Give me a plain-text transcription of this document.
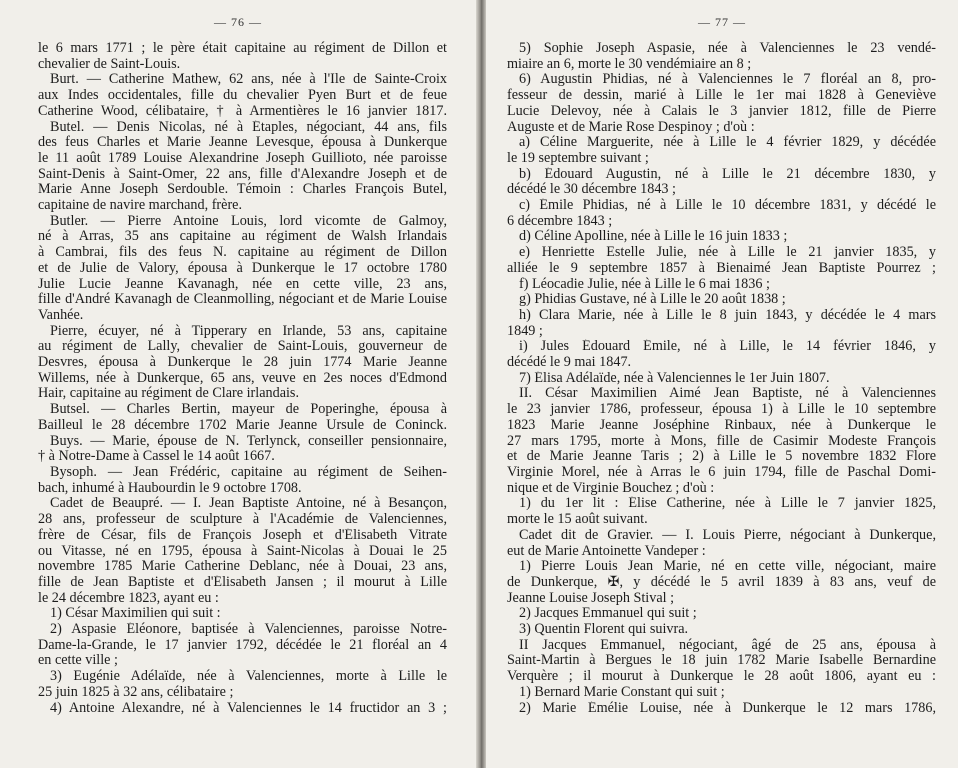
— 76 —
le 6 mars 1771 ; le père était capitaine au régiment de Dillon et
chevalier de Saint-Louis.
Burt. — Catherine Mathew, 62 ans, née à l'Ile de Sainte-Croix
aux Indes occidentales, fille du chevalier Pyen Burt et de feue
Catherine Wood, célibataire, † à Armentières le 16 janvier 1817.
Butel. — Denis Nicolas, né à Étaples, négociant, 44 ans, fils
des feus Charles et Marie Jeanne Levesque, épousa à Dunkerque
le 11 août 1789 Louise Alexandrine Joseph Guillioto, née paroisse
Saint-Denis à Saint-Omer, 22 ans, fille d'Alexandre Joseph et de
Marie Anne Joseph Serdouble. Témoin : Charles François Butel,
capitaine de navire marchand, frère.
Butler. — Pierre Antoine Louis, lord vicomte de Galmoy,
né à Arras, 35 ans capitaine au régiment de Walsh Irlandais
à Cambrai, fils des feus N. capitaine au régiment de Dillon
et de Julie de Valory, épousa à Dunkerque le 17 octobre 1780
Julie Lucie Jeanne Kavanagh, née en cette ville, 23 ans,
fille d'André Kavanagh de Cleanmolling, négociant et de Marie Louise
Vanhée.
Pierre, écuyer, né à Tipperary en Irlande, 53 ans, capitaine
au régiment de Lally, chevalier de Saint-Louis, gouverneur de
Desvres, épousa à Dunkerque le 28 juin 1774 Marie Jeanne
Willems, née à Dunkerque, 65 ans, veuve en 2es noces d'Edmond
Hair, capitaine au régiment de Clare irlandais.
Butsel. — Charles Bertin, mayeur de Poperinghe, épousa à
Bailleul le 28 décembre 1702 Marie Jeanne Ursule de Coninck.
Buys. — Marie, épouse de N. Terlynck, conseiller pensionnaire,
† à Notre-Dame à Cassel le 14 août 1667.
Bysoph. — Jean Frédéric, capitaine au régiment de Seihen-
bach, inhumé à Haubourdin le 9 octobre 1708.
Cadet de Beaupré. — I. Jean Baptiste Antoine, né à Besançon,
28 ans, professeur de sculpture à l'Académie de Valenciennes,
frère de César, fils de François Joseph et d'Élisabeth Vitrate
ou Vitasse, né en 1795, épousa à Saint-Nicolas à Douai le 25
novembre 1785 Marie Catherine Deblanc, née à Douai, 23 ans,
fille de Jean Baptiste et d'Élisabeth Jansen ; il mourut à Lille
le 24 décembre 1823, ayant eu :
1) César Maximilien qui suit :
2) Aspasie Éléonore, baptisée à Valenciennes, paroisse Notre-
Dame-la-Grande, le 17 janvier 1792, décédée le 21 floréal an 4
en cette ville ;
3) Eugénie Adélaïde, née à Valenciennes, morte à Lille le
25 juin 1825 à 32 ans, célibataire ;
4) Antoine Alexandre, né à Valenciennes le 14 fructidor an 3 ;
— 77 —
5) Sophie Joseph Aspasie, née à Valenciennes le 23 vendé-
miaire an 6, morte le 30 vendémiaire an 8 ;
6) Augustin Phidias, né à Valenciennes le 7 floréal an 8, pro-
fesseur de dessin, marié à Lille le 1er mai 1828 à Geneviève
Lucie Delevoy, née à Calais le 3 janvier 1812, fille de Pierre
Auguste et de Marie Rose Despinoy ; d'où :
a) Céline Marguerite, née à Lille le 4 février 1829, y décédée
le 19 septembre suivant ;
b) Édouard Augustin, né à Lille le 21 décembre 1830, y
décédé le 30 décembre 1843 ;
c) Émile Phidias, né à Lille le 10 décembre 1831, y décédé le
6 décembre 1843 ;
d) Céline Apolline, née à Lille le 16 juin 1833 ;
e) Henriette Estelle Julie, née à Lille le 21 janvier 1835, y
alliée le 9 septembre 1857 à Bienaimé Jean Baptiste Pourrez ;
f) Léocadie Julie, née à Lille le 6 mai 1836 ;
g) Phidias Gustave, né à Lille le 20 août 1838 ;
h) Clara Marie, née à Lille le 8 juin 1843, y décédée le 4 mars
1849 ;
i) Jules Édouard Émile, né à Lille, le 14 février 1846, y
décédé le 9 mai 1847.
7) Élisa Adélaïde, née à Valenciennes le 1er Juin 1807.
II. César Maximilien Aimé Jean Baptiste, né à Valenciennes
le 23 janvier 1786, professeur, épousa 1) à Lille le 10 septembre
1823 Marie Jeanne Joséphine Rinbaux, née à Dunkerque le
27 mars 1795, morte à Mons, fille de Casimir Modeste François
et de Marie Jeanne Taris ; 2) à Lille le 5 novembre 1832 Flore
Virginie Morel, née à Arras le 6 juin 1794, fille de Paschal Domi-
nique et de Virginie Bouchez ; d'où :
1) du 1er lit : Élise Catherine, née à Lille le 7 janvier 1825,
morte le 15 août suivant.
Cadet dit de Gravier. — I. Louis Pierre, négociant à Dunkerque,
eut de Marie Antoinette Vandeper :
1) Pierre Louis Jean Marie, né en cette ville, négociant, maire
de Dunkerque, ✠, y décédé le 5 avril 1839 à 83 ans, veuf de
Jeanne Louise Joseph Stival ;
2) Jacques Emmanuel qui suit ;
3) Quentin Florent qui suivra.
II Jacques Emmanuel, négociant, âgé de 25 ans, épousa à
Saint-Martin à Bergues le 18 juin 1782 Marie Isabelle Bernardine
Verquère ; il mourut à Dunkerque le 28 août 1806, ayant eu :
1) Bernard Marie Constant qui suit ;
2) Marie Émélie Louise, née à Dunkerque le 12 mars 1786,
